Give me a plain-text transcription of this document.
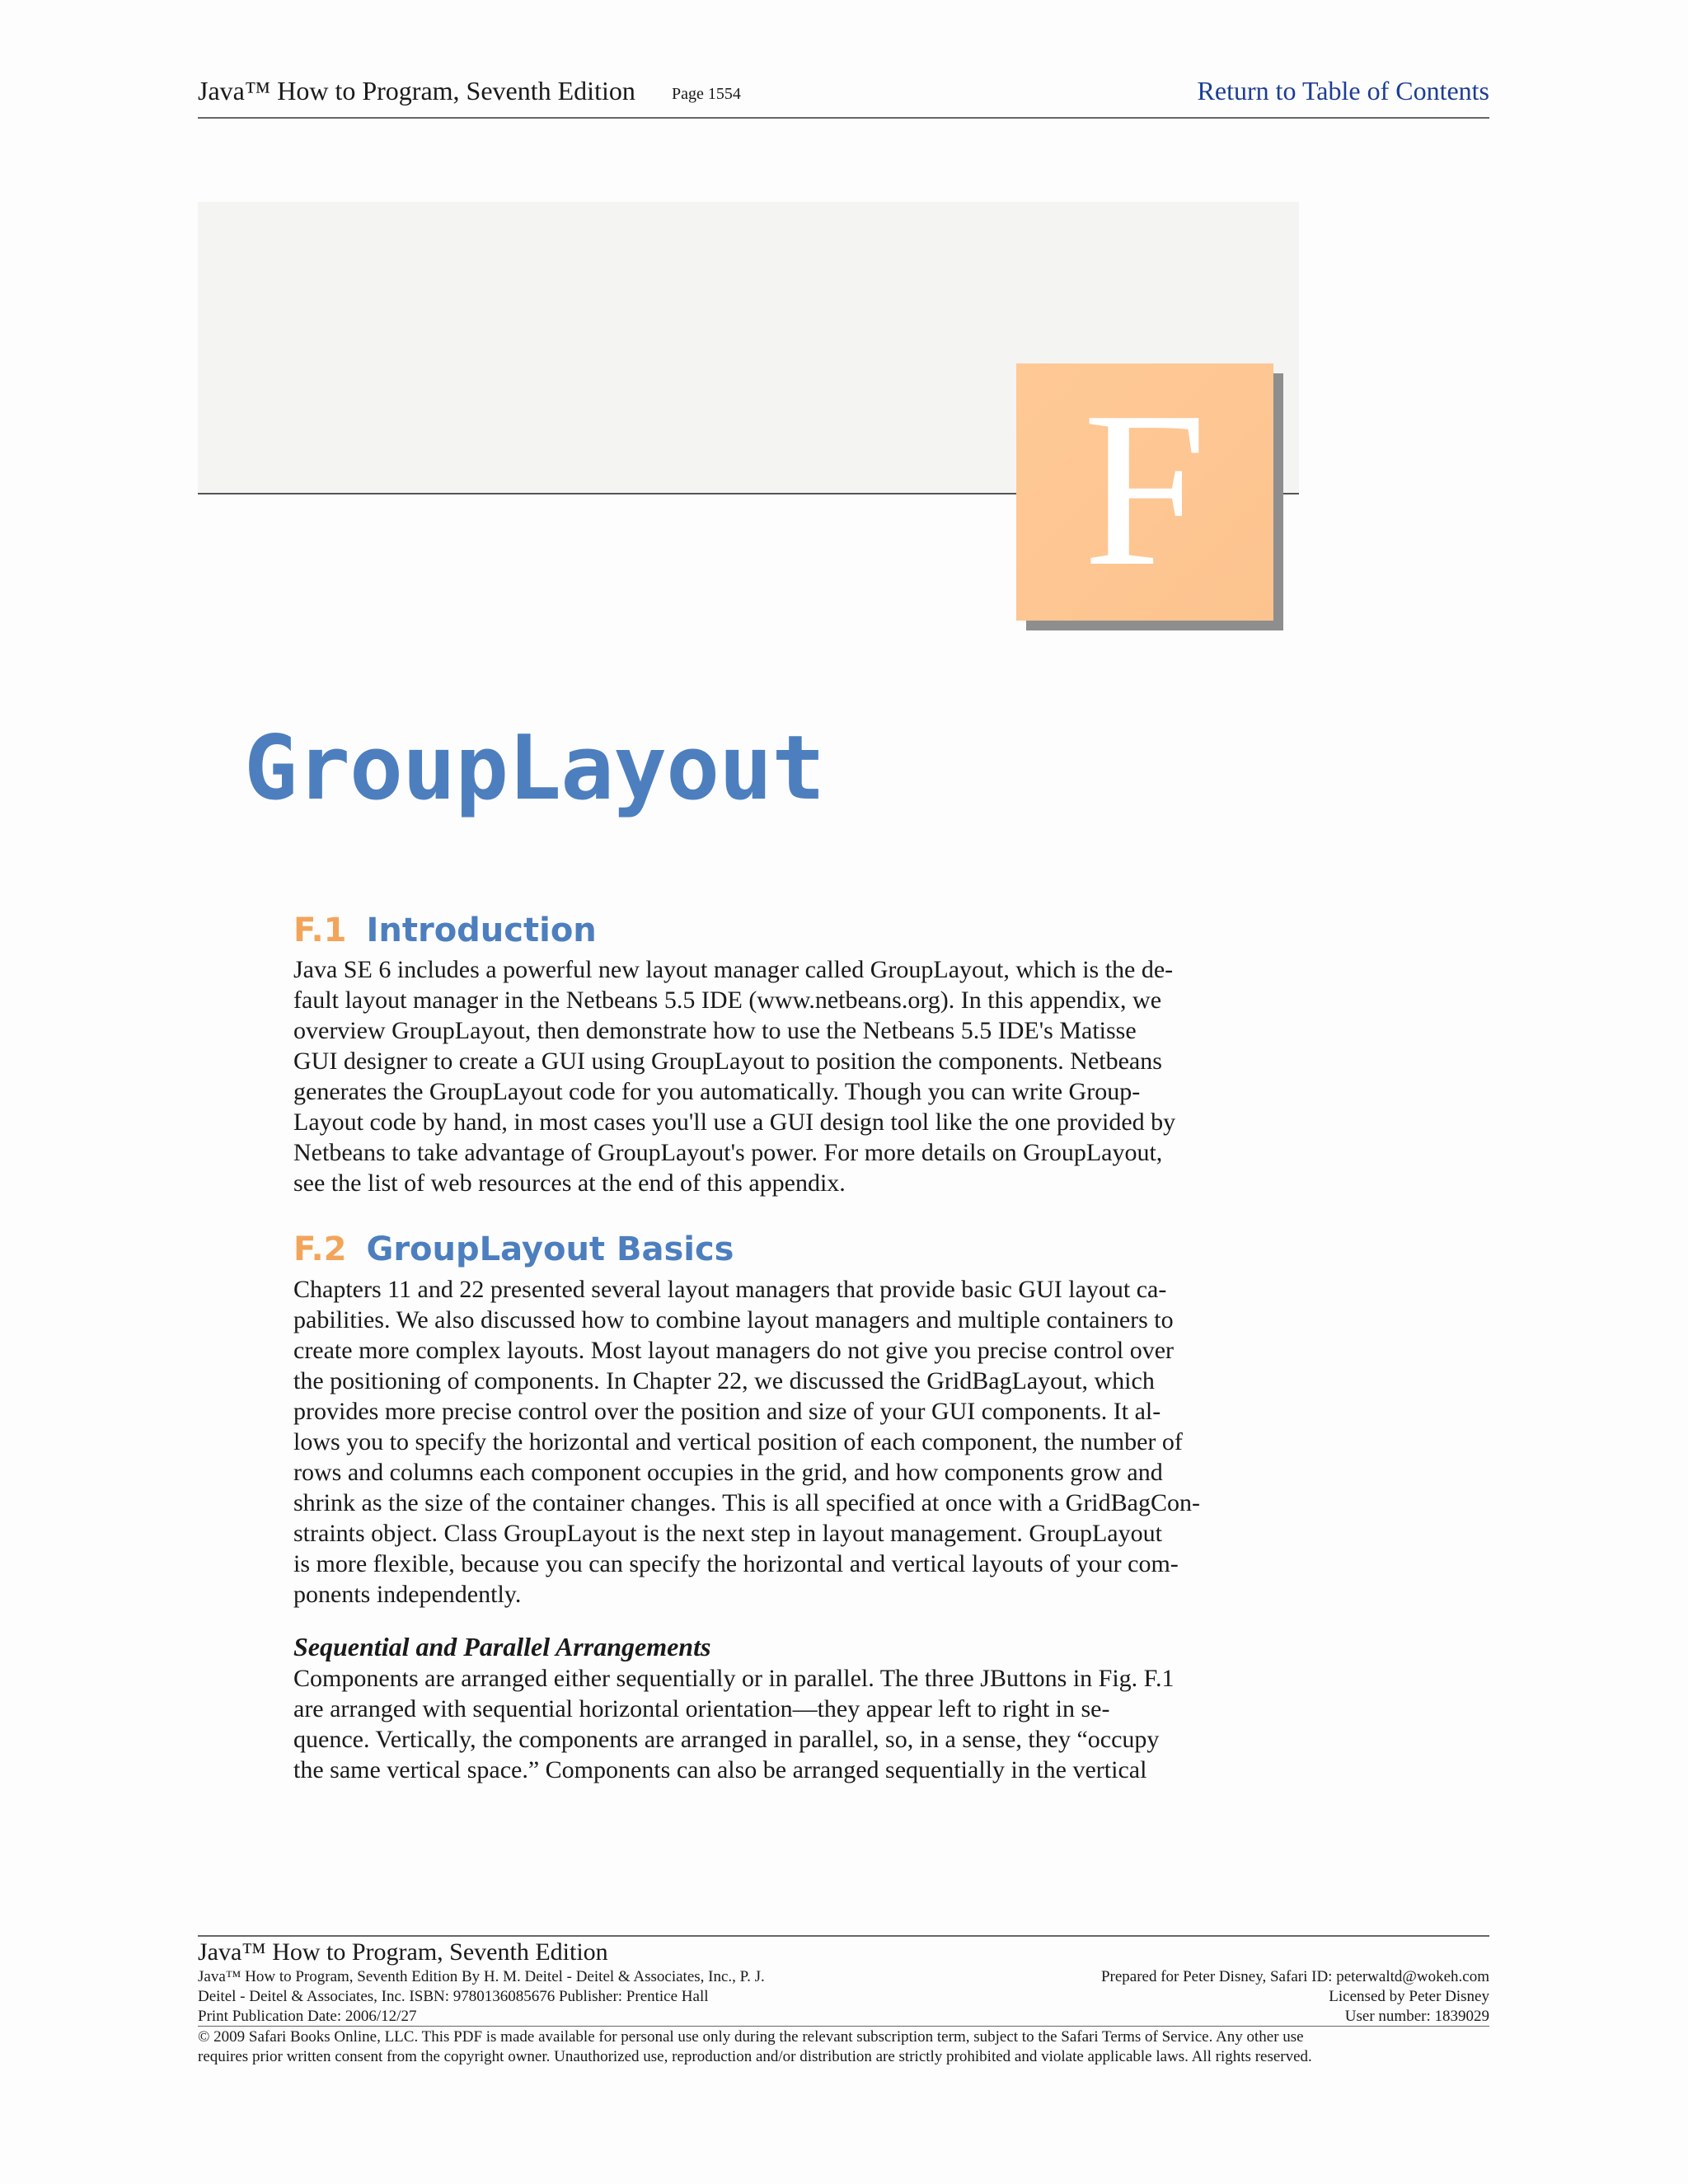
Java™ How to Program, Seventh Edition Page 1554	Return to Table of Contents
F
GroupLayout
F.1 Introduction
Java SE 6 includes a powerful new layout manager called GroupLayout, which is the de-
fault layout manager in the Netbeans 5.5 IDE (www.netbeans.org). In this appendix, we
overview GroupLayout, then demonstrate how to use the Netbeans 5.5 IDE's Matisse
GUI designer to create a GUI using GroupLayout to position the components. Netbeans
generates the GroupLayout code for you automatically. Though you can write Group-
Layout code by hand, in most cases you'll use a GUI design tool like the one provided by
Netbeans to take advantage of GroupLayout's power. For more details on GroupLayout,
see the list of web resources at the end of this appendix.
F.2 GroupLayout Basics
Chapters 11 and 22 presented several layout managers that provide basic GUI layout ca-
pabilities. We also discussed how to combine layout managers and multiple containers to
create more complex layouts. Most layout managers do not give you precise control over
the positioning of components. In Chapter 22, we discussed the GridBagLayout, which
provides more precise control over the position and size of your GUI components. It al-
lows you to specify the horizontal and vertical position of each component, the number of
rows and columns each component occupies in the grid, and how components grow and
shrink as the size of the container changes. This is all specified at once with a GridBagCon-
straints object. Class GroupLayout is the next step in layout management. GroupLayout
is more flexible, because you can specify the horizontal and vertical layouts of your com-
ponents independently.
Sequential and Parallel Arrangements
Components are arranged either sequentially or in parallel. The three JButtons in Fig. F.1
are arranged with sequential horizontal orientation—they appear left to right in se-
quence. Vertically, the components are arranged in parallel, so, in a sense, they “occupy
the same vertical space.” Components can also be arranged sequentially in the vertical
Java™ How to Program, Seventh Edition
Java™ How to Program, Seventh Edition By H. M. Deitel - Deitel & Associates, Inc., P. J.
Deitel - Deitel & Associates, Inc. ISBN: 9780136085676 Publisher: Prentice Hall
Print Publication Date: 2006/12/27
Prepared for Peter Disney, Safari ID: peterwaltd@wokeh.com
Licensed by Peter Disney
User number: 1839029
© 2009 Safari Books Online, LLC. This PDF is made available for personal use only during the relevant subscription term, subject to the Safari Terms of Service. Any other use
requires prior written consent from the copyright owner. Unauthorized use, reproduction and/or distribution are strictly prohibited and violate applicable laws. All rights reserved.
